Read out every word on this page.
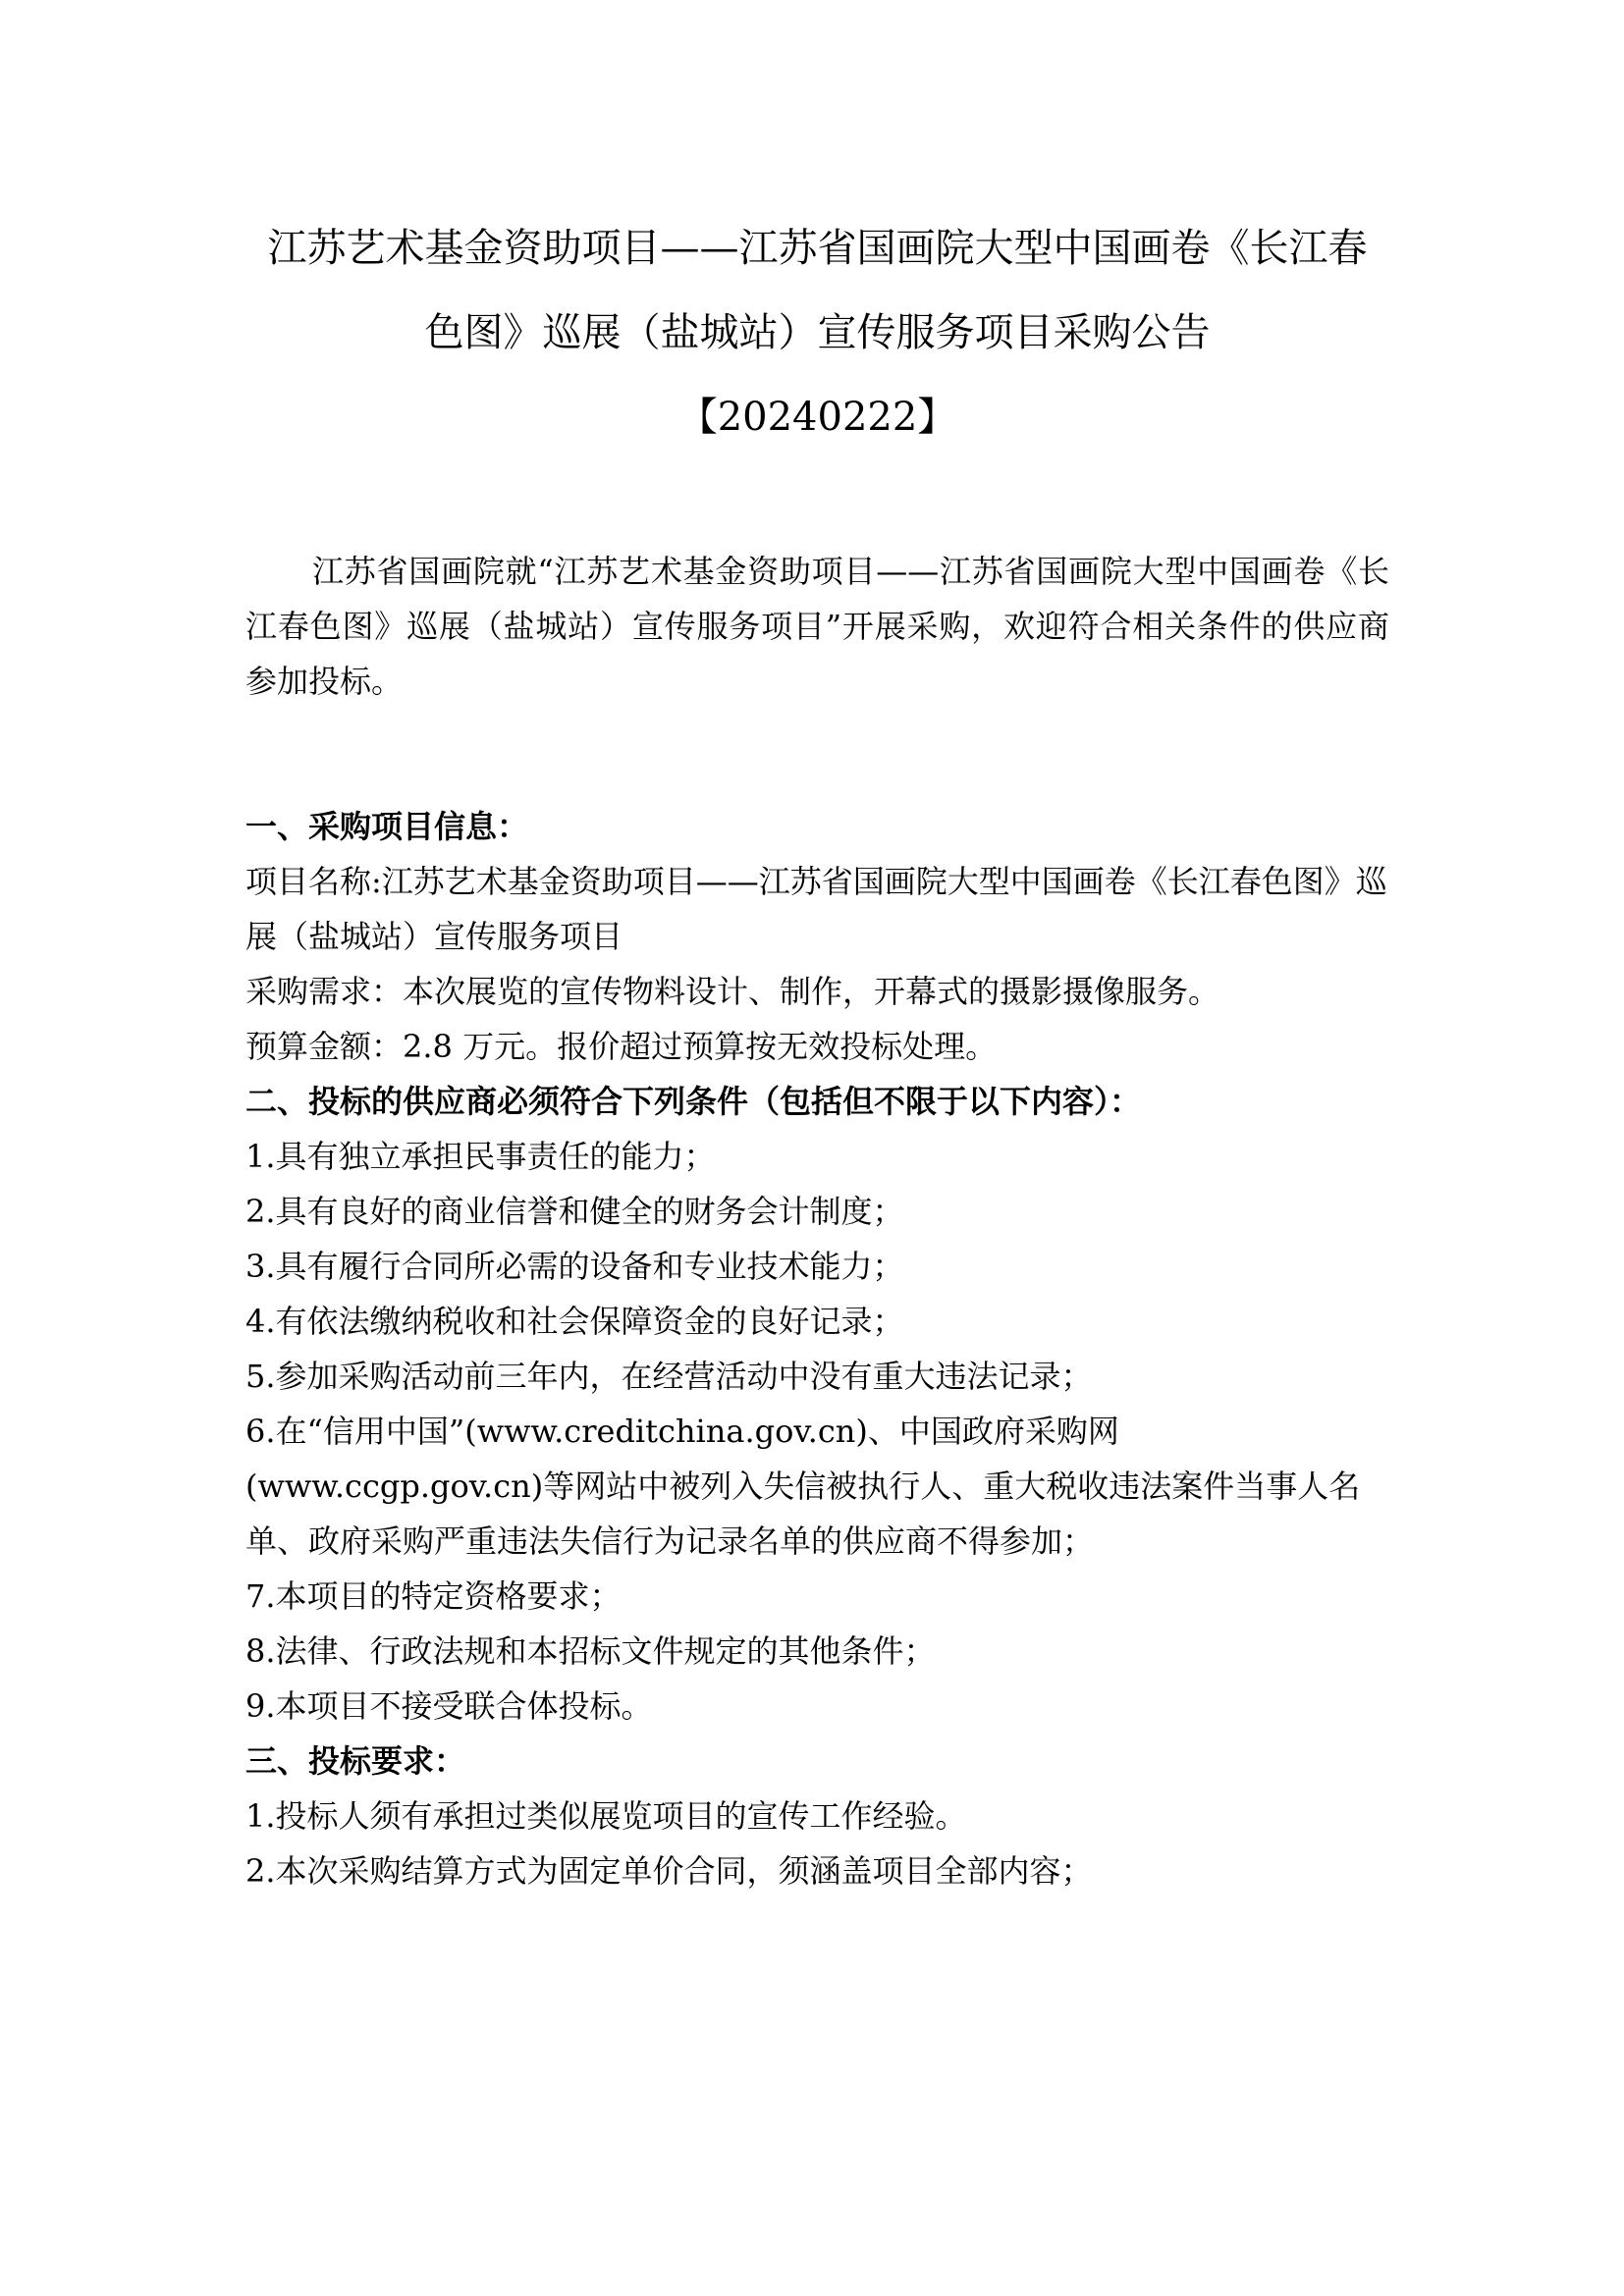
江苏艺术基金资助项目——江苏省国画院大型中国画卷《长江春
色图》巡展（盐城站）宣传服务项目采购公告
【20240222】

江苏省国画院就“江苏艺术基金资助项目——江苏省国画院大型中国画卷《长江春色图》巡展（盐城站）宣传服务项目”开展采购，欢迎符合相关条件的供应商参加投标。

一、采购项目信息：

项目名称:江苏艺术基金资助项目——江苏省国画院大型中国画卷《长江春色图》巡展（盐城站）宣传服务项目

采购需求：本次展览的宣传物料设计、制作，开幕式的摄影摄像服务。

预算金额：2.8 万元。报价超过预算按无效投标处理。

二、投标的供应商必须符合下列条件（包括但不限于以下内容）：

1.具有独立承担民事责任的能力；

2.具有良好的商业信誉和健全的财务会计制度；

3.具有履行合同所必需的设备和专业技术能力；

4.有依法缴纳税收和社会保障资金的良好记录；

5.参加采购活动前三年内，在经营活动中没有重大违法记录；

6.在“信用中国”(www.creditchina.gov.cn)、中国政府采购网(www.ccgp.gov.cn)等网站中被列入失信被执行人、重大税收违法案件当事人名单、政府采购严重违法失信行为记录名单的供应商不得参加；

7.本项目的特定资格要求；

8.法律、行政法规和本招标文件规定的其他条件；

9.本项目不接受联合体投标。

三、投标要求：

1.投标人须有承担过类似展览项目的宣传工作经验。

2.本次采购结算方式为固定单价合同，须涵盖项目全部内容；
